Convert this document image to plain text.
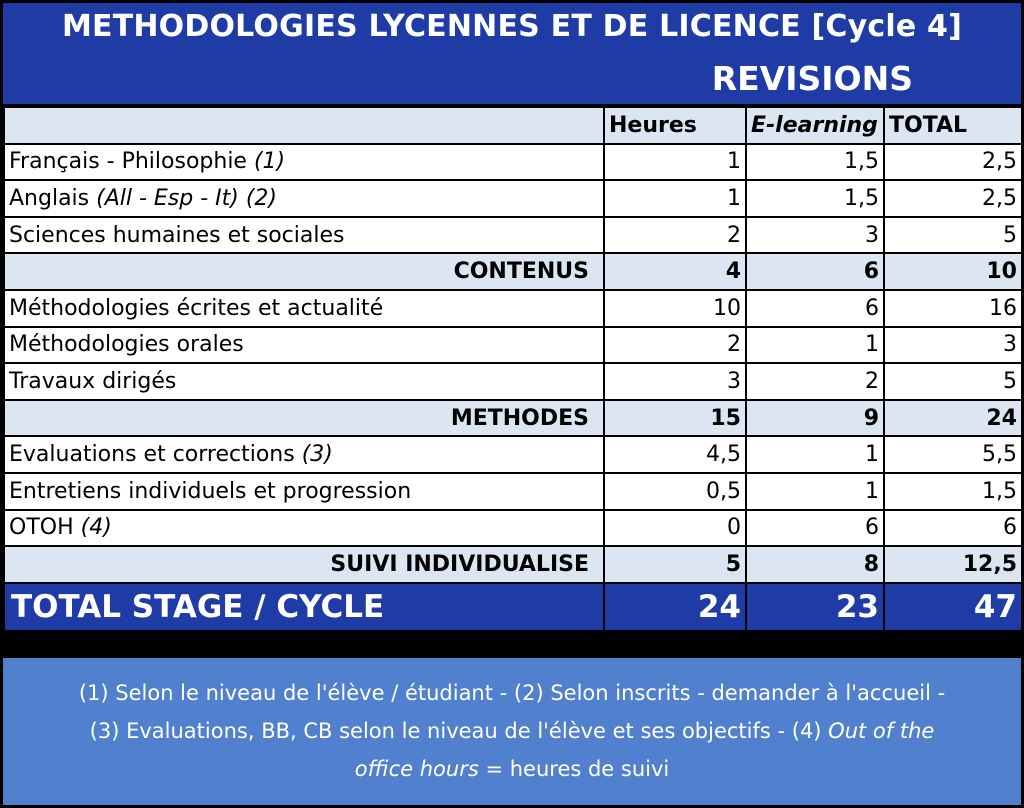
METHODOLOGIES LYCENNES ET DE LICENCE [Cycle 4]
REVISIONS
	Heures	E-learning	TOTAL
Français - Philosophie (1)	1	1,5	2,5
Anglais (All - Esp - It) (2)	1	1,5	2,5
Sciences humaines et sociales	2	3	5
CONTENUS	4	6	10
Méthodologies écrites et actualité	10	6	16
Méthodologies orales	2	1	3
Travaux dirigés	3	2	5
METHODES	15	9	24
Evaluations et corrections (3)	4,5	1	5,5
Entretiens individuels et progression	0,5	1	1,5
OTOH (4)	0	6	6
SUIVI INDIVIDUALISE	5	8	12,5
TOTAL STAGE / CYCLE	24	23	47
(1) Selon le niveau de l'élève / étudiant - (2) Selon inscrits - demander à l'accueil -
(3) Evaluations, BB, CB selon le niveau de l'élève et ses objectifs - (4) Out of the
office hours = heures de suivi
